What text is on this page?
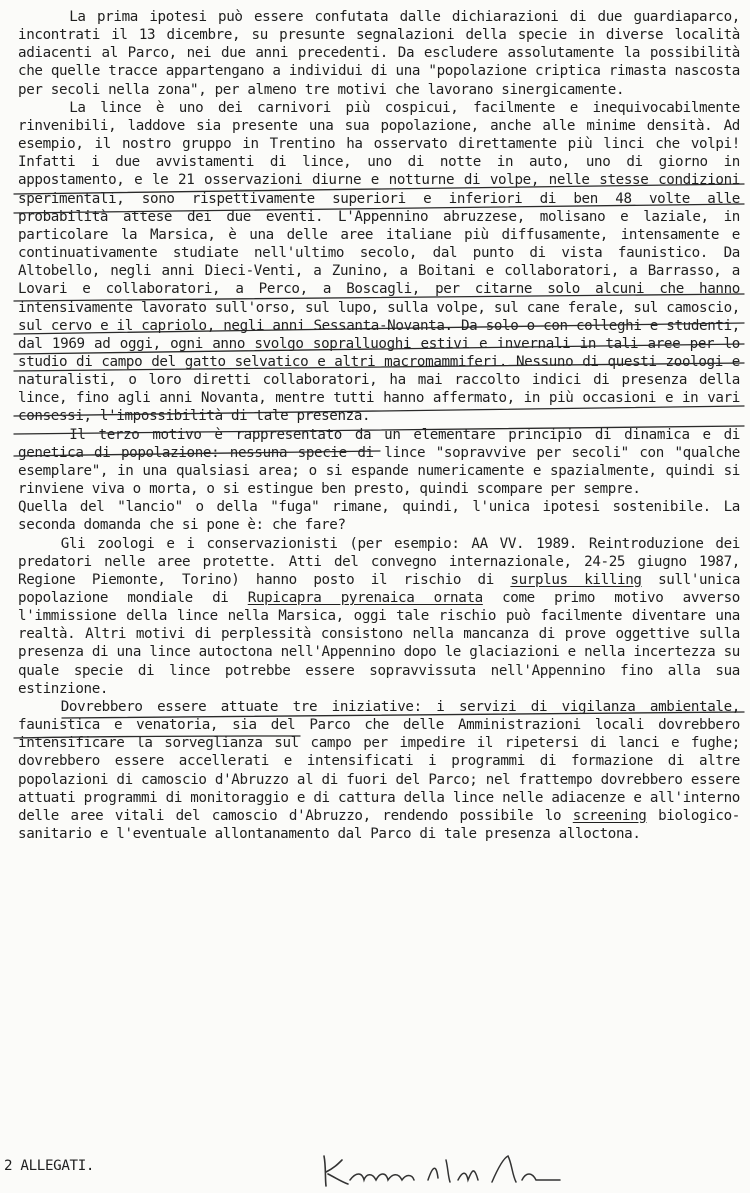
La prima ipotesi può essere confutata dalle dichiarazioni di due guardiaparco, incontrati il 13 dicembre, su presunte segnalazioni della specie in diverse località adiacenti al Parco, nei due anni precedenti. Da escludere assolutamente la possibilità che quelle tracce appartengano a individui di una "popolazione criptica rimasta nascosta per secoli nella zona", per almeno tre motivi che lavorano sinergicamente.

La lince è uno dei carnivori più cospicui, facilmente e inequivocabilmente rinvenibili, laddove sia presente una sua popolazione, anche alle minime densità. Ad esempio, il nostro gruppo in Trentino ha osservato direttamente più linci che volpi! Infatti i due avvistamenti di lince, uno di notte in auto, uno di giorno in appostamento, e le 21 osservazioni diurne e notturne di volpe, nelle stesse condizioni sperimentali, sono rispettivamente superiori e inferiori di ben 48 volte alle probabilità attese dei due eventi. L'Appennino abruzzese, molisano e laziale, in particolare la Marsica, è una delle aree italiane più diffusamente, intensamente e continuativamente studiate nell'ultimo secolo, dal punto di vista faunistico. Da Altobello, negli anni Dieci-Venti, a Zunino, a Boitani e collaboratori, a Barrasso, a Lovari e collaboratori, a Perco, a Boscagli, per citarne solo alcuni che hanno intensivamente lavorato sull'orso, sul lupo, sulla volpe, sul cane ferale, sul camoscio, sul cervo e il capriolo, negli anni Sessanta-Novanta. Da solo o con colleghi e studenti, dal 1969 ad oggi, ogni anno svolgo sopralluoghi estivi e invernali in tali aree per lo studio di campo del gatto selvatico e altri macromammiferi. Nessuno di questi zoologi e naturalisti, o loro diretti collaboratori, ha mai raccolto indici di presenza della lince, fino agli anni Novanta, mentre tutti hanno affermato, in più occasioni e in vari consessi, l'impossibilità di tale presenza.

Il terzo motivo è rappresentato da un elementare principio di dinamica e di genetica di popolazione: nessuna specie di lince "sopravvive per secoli" con "qualche esemplare", in una qualsiasi area; o si espande numericamente e spazialmente, quindi si rinviene viva o morta, o si estingue ben presto, quindi scompare per sempre.

Quella del "lancio" o della "fuga" rimane, quindi, l'unica ipotesi sostenibile. La seconda domanda che si pone è: che fare?

Gli zoologi e i conservazionisti (per esempio: AA VV. 1989. Reintroduzione dei predatori nelle aree protette. Atti del convegno internazionale, 24-25 giugno 1987, Regione Piemonte, Torino) hanno posto il rischio di surplus killing sull'unica popolazione mondiale di Rupicapra pyrenaica ornata come primo motivo avverso l'immissione della lince nella Marsica, oggi tale rischio può facilmente diventare una realtà. Altri motivi di perplessità consistono nella mancanza di prove oggettive sulla presenza di una lince autoctona nell'Appennino dopo le glaciazioni e nella incertezza su quale specie di lince potrebbe essere sopravvissuta nell'Appennino fino alla sua estinzione.

Dovrebbero essere attuate tre iniziative: i servizi di vigilanza ambientale, faunistica e venatoria, sia del Parco che delle Amministrazioni locali dovrebbero intensificare la sorveglianza sul campo per impedire il ripetersi di lanci e fughe; dovrebbero essere accellerati e intensificati i programmi di formazione di altre popolazioni di camoscio d'Abruzzo al di fuori del Parco; nel frattempo dovrebbero essere attuati programmi di monitoraggio e di cattura della lince nelle adiacenze e all'interno delle aree vitali del camoscio d'Abruzzo, rendendo possibile lo screening biologico-sanitario e l'eventuale allontanamento dal Parco di tale presenza alloctona.

2 ALLEGATI.
